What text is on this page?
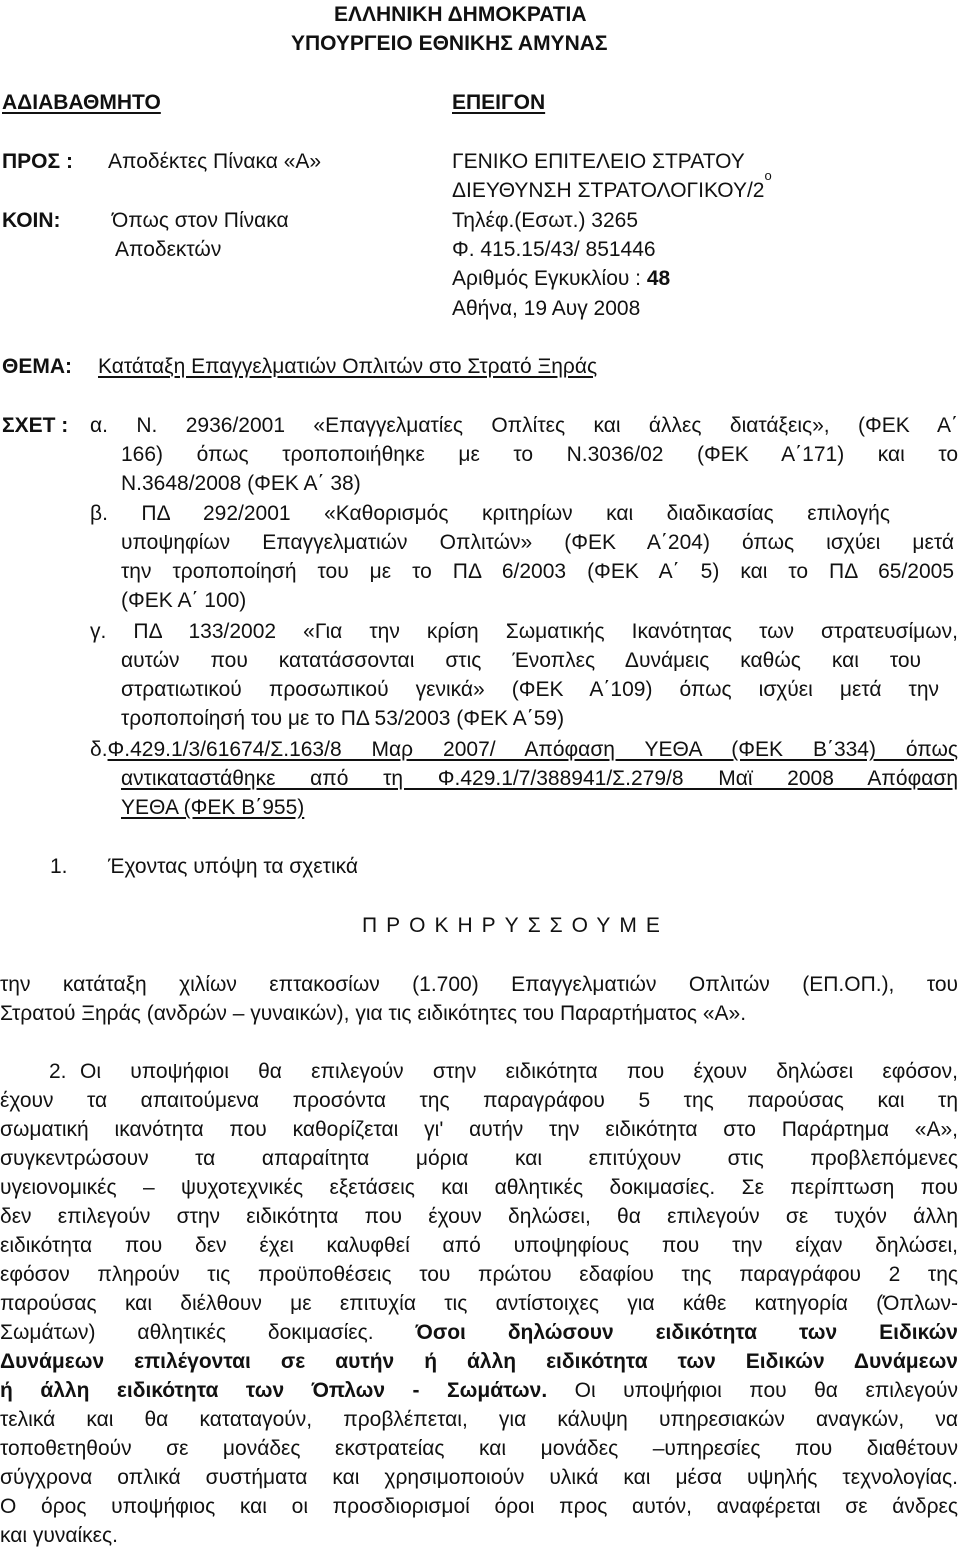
ΕΛΛΗΝΙΚΗ ΔΗΜΟΚΡΑΤΙΑ
ΥΠΟΥΡΓΕΙΟ ΕΘΝΙΚΗΣ ΑΜΥΝΑΣ
ΑΔΙΑΒΑΘΜΗΤΟ	ΕΠΕΙΓΟΝ
ΠΡΟΣ : Αποδέκτες Πίνακα «Α»
ΚΟΙΝ: Όπως στον Πίνακα
Αποδεκτών
ΓΕΝΙΚΟ ΕΠΙΤΕΛΕΙΟ ΣΤΡΑΤΟΥ
ΔΙΕΥΘΥΝΣΗ ΣΤΡΑΤΟΛΟΓΙΚΟΥ/$2^o$
Τηλέφ.(Εσωτ.) 3265
Φ. 415.15/43/ 851446
Αριθμός Εγκυκλίου : 48
Αθήνα, 19 Αυγ 2008
ΘΕΜΑ: Κατάταξη Επαγγελματιών Οπλιτών στο Στρατό Ξηράς
ΣΧΕΤ : α. Ν. 2936/2001 «Επαγγελματίες Οπλίτες και άλλες διατάξεις», (ΦΕΚ Α΄
166) όπως τροποποιήθηκε με το Ν.3036/02 (ΦΕΚ Α΄171) και το
Ν.3648/2008 (ΦΕΚ Α΄ 38)
β. ΠΔ 292/2001 «Καθορισμός κριτηρίων και διαδικασίας επιλογής
υποψηφίων Επαγγελματιών Οπλιτών» (ΦΕΚ Α΄204) όπως ισχύει μετά
την τροποποίησή του με το ΠΔ 6/2003 (ΦΕΚ Α΄ 5) και το ΠΔ 65/2005
(ΦΕΚ Α΄ 100)
γ. ΠΔ 133/2002 «Για την κρίση Σωματικής Ικανότητας των στρατευσίμων,
αυτών που κατατάσσονται στις Ένοπλες Δυνάμεις καθώς και του
στρατιωτικού προσωπικού γενικά» (ΦΕΚ Α΄109) όπως ισχύει μετά την
τροποποίησή του με το ΠΔ 53/2003 (ΦΕΚ Α΄59)
δ. Φ.429.1/3/61674/Σ.163/8 Μαρ 2007/ Απόφαση ΥΕΘΑ (ΦΕΚ Β΄334) όπως
αντικαταστάθηκε από τη Φ.429.1/7/388941/Σ.279/8 Μαϊ 2008 Απόφαση
ΥΕΘΑ (ΦΕΚ Β΄955)
1. Έχοντας υπόψη τα σχετικά
ΠΡΟΚΗΡΥΣΣΟΥΜΕ
την κατάταξη χιλίων επτακοσίων (1.700) Επαγγελματιών Οπλιτών (ΕΠ.ΟΠ.), του
Στρατού Ξηράς (ανδρών – γυναικών), για τις ειδικότητες του Παραρτήματος «Α».
2. Οι υποψήφιοι θα επιλεγούν στην ειδικότητα που έχουν δηλώσει εφόσον,
έχουν τα απαιτούμενα προσόντα της παραγράφου 5 της παρούσας και τη
σωματική ικανότητα που καθορίζεται γι' αυτήν την ειδικότητα στο Παράρτημα «Α»,
συγκεντρώσουν τα απαραίτητα μόρια και επιτύχουν στις προβλεπόμενες
υγειονομικές – ψυχοτεχνικές εξετάσεις και αθλητικές δοκιμασίες. Σε περίπτωση που
δεν επιλεγούν στην ειδικότητα που έχουν δηλώσει, θα επιλεγούν σε τυχόν άλλη
ειδικότητα που δεν έχει καλυφθεί από υποψηφίους που την είχαν δηλώσει,
εφόσον πληρούν τις προϋποθέσεις του πρώτου εδαφίου της παραγράφου 2 της
παρούσας και διέλθουν με επιτυχία τις αντίστοιχες για κάθε κατηγορία (Όπλων-
Σωμάτων) αθλητικές δοκιμασίες. Όσοι δηλώσουν ειδικότητα των Ειδικών
Δυνάμεων επιλέγονται σε αυτήν ή άλλη ειδικότητα των Ειδικών Δυνάμεων
ή άλλη ειδικότητα των Όπλων - Σωμάτων. Οι υποψήφιοι που θα επιλεγούν
τελικά και θα καταταγούν, προβλέπεται, για κάλυψη υπηρεσιακών αναγκών, να
τοποθετηθούν σε μονάδες εκστρατείας και μονάδες –υπηρεσίες που διαθέτουν
σύγχρονα οπλικά συστήματα και χρησιμοποιούν υλικά και μέσα υψηλής τεχνολογίας.
Ο όρος υποψήφιος και οι προσδιορισμοί όροι προς αυτόν, αναφέρεται σε άνδρες
και γυναίκες.
